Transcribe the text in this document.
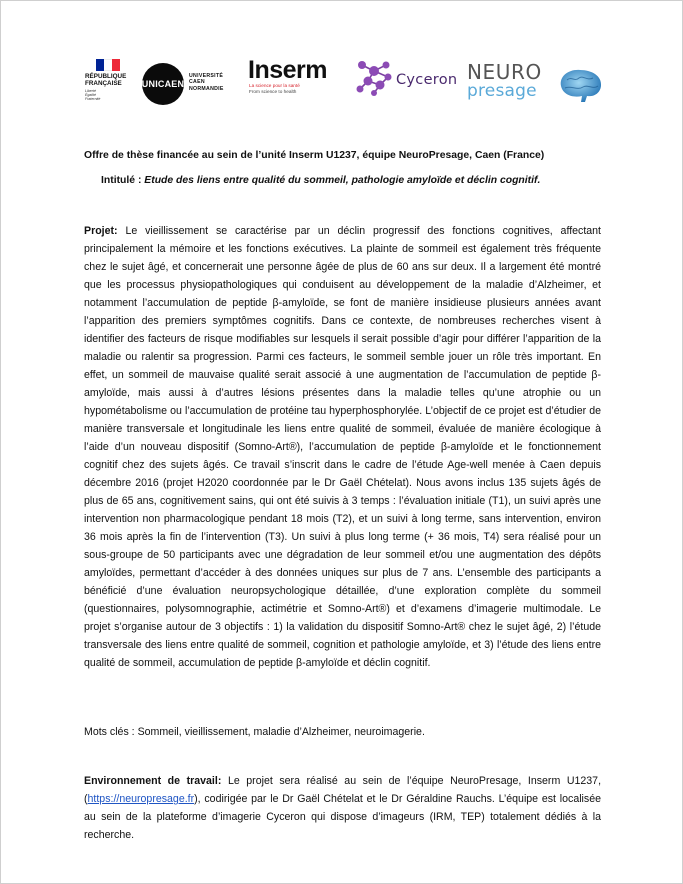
RÉPUBLIQUE
FRANÇAISE
Liberté
Égalité
Fraternité
UNICAEN
UNIVERSITÉ
CAEN
NORMANDIE
Inserm
La science pour la santé
From science to health
Cyceron NEURO
presage
Offre de thèse financée au sein de l’unité Inserm U1237, équipe NeuroPresage, Caen (France)
Intitulé : Etude des liens entre qualité du sommeil, pathologie amyloïde et déclin cognitif.
Projet: Le vieillissement se caractérise par un déclin progressif des fonctions cognitives, affectant principalement la mémoire et les fonctions exécutives. La plainte de sommeil est également très fréquente chez le sujet âgé, et concernerait une personne âgée de plus de 60 ans sur deux. Il a largement été montré que les processus physiopathologiques qui conduisent au développement de la maladie d’Alzheimer, et notamment l’accumulation de peptide β-amyloïde, se font de manière insidieuse plusieurs années avant l’apparition des premiers symptômes cognitifs. Dans ce contexte, de nombreuses recherches visent à identifier des facteurs de risque modifiables sur lesquels il serait possible d’agir pour différer l’apparition de la maladie ou ralentir sa progression. Parmi ces facteurs, le sommeil semble jouer un rôle très important. En effet, un sommeil de mauvaise qualité serait associé à une augmentation de l’accumulation de peptide β-amyloïde, mais aussi à d’autres lésions présentes dans la maladie telles qu’une atrophie ou un hypométabolisme ou l’accumulation de protéine tau hyperphosphorylée. L’objectif de ce projet est d’étudier de manière transversale et longitudinale les liens entre qualité de sommeil, évaluée de manière écologique à l’aide d’un nouveau dispositif (Somno-Art®), l’accumulation de peptide β-amyloïde et le fonctionnement cognitif chez des sujets âgés. Ce travail s’inscrit dans le cadre de l’étude Age-well menée à Caen depuis décembre 2016 (projet H2020 coordonnée par le Dr Gaël Chételat). Nous avons inclus 135 sujets âgés de plus de 65 ans, cognitivement sains, qui ont été suivis à 3 temps : l’évaluation initiale (T1), un suivi après une intervention non pharmacologique pendant 18 mois (T2), et un suivi à long terme, sans intervention, environ 36 mois après la fin de l’intervention (T3). Un suivi à plus long terme (+ 36 mois, T4) sera réalisé pour un sous-groupe de 50 participants avec une dégradation de leur sommeil et/ou une augmentation des dépôts amyloïdes, permettant d’accéder à des données uniques sur plus de 7 ans. L’ensemble des participants a bénéficié d’une évaluation neuropsychologique détaillée, d’une exploration complète du sommeil (questionnaires, polysomnographie, actimétrie et Somno-Art®) et d’examens d’imagerie multimodale. Le projet s’organise autour de 3 objectifs : 1) la validation du dispositif Somno-Art® chez le sujet âgé, 2) l’étude transversale des liens entre qualité de sommeil, cognition et pathologie amyloïde, et 3) l’étude des liens entre qualité de sommeil, accumulation de peptide β-amyloïde et déclin cognitif.
Mots clés : Sommeil, vieillissement, maladie d’Alzheimer, neuroimagerie.
Environnement de travail: Le projet sera réalisé au sein de l’équipe NeuroPresage, Inserm U1237, (https://neuropresage.fr), codirigée par le Dr Gaël Chételat et le Dr Géraldine Rauchs. L’équipe est localisée au sein de la plateforme d’imagerie Cyceron qui dispose d’imageurs (IRM, TEP) totalement dédiés à la recherche.
